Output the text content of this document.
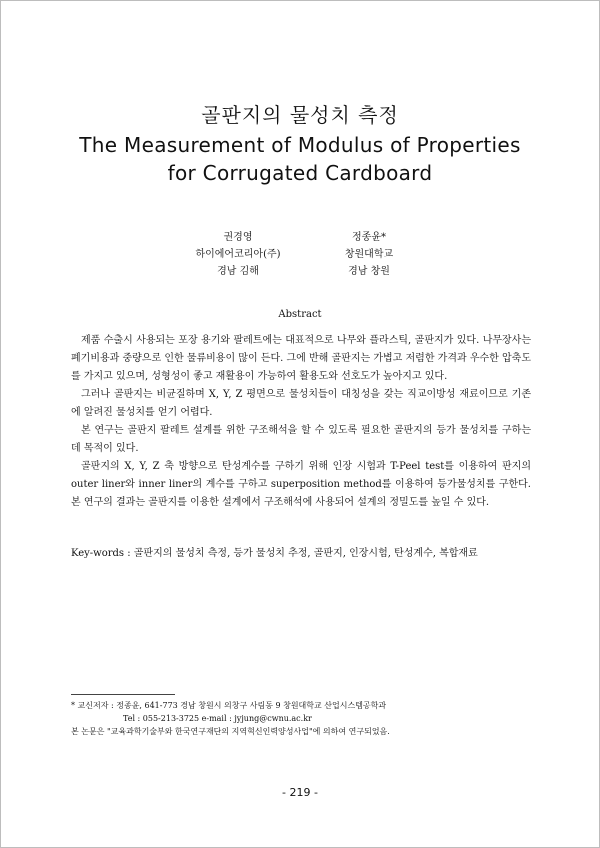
골판지의 물성치 측정
The Measurement of Modulus of Properties
for Corrugated Cardboard
권경영
하이에어코리아(주)
경남 김해
정종윤*
창원대학교
경남 창원
Abstract

제품 수출시 사용되는 포장 용기와 팔레트에는 대표적으로 나무와 플라스틱, 골판지가 있다. 나무장사는 폐기비용과 중량으로 인한 물류비용이 많이 든다. 그에 반해 골판지는 가볍고 저렴한 가격과 우수한 압축도를 가지고 있으며, 성형성이 좋고 재활용이 가능하여 활용도와 선호도가 높아지고 있다.

그러나 골판지는 비균질하며 X, Y, Z 평면으로 물성치들이 대칭성을 갖는 직교이방성 재료이므로 기존에 알려진 물성치를 얻기 어렵다.

본 연구는 골판지 팔레트 설계를 위한 구조해석을 할 수 있도록 필요한 골판지의 등가 물성치를 구하는데 목적이 있다.

골판지의 X, Y, Z 축 방향으로 탄성계수를 구하기 위해 인장 시험과 T-Peel test를 이용하여 판지의 outer liner와 inner liner의 계수를 구하고 superposition method를 이용하여 등가물성치를 구한다. 본 연구의 결과는 골판지를 이용한 설계에서 구조해석에 사용되어 설계의 정밀도를 높일 수 있다.

Key-words : 골판지의 물성치 측정, 등가 물성치 추정, 골판지, 인장시험, 탄성계수, 복합재료
* 교신저자 : 정종윤, 641-773 경남 창원시 의창구 사림동 9 창원대학교 산업시스템공학과
Tel : 055-213-3725 e-mail : jyjung@cwnu.ac.kr
본 논문은 "교육과학기술부와 한국연구재단의 지역혁신인력양성사업"에 의하여 연구되었음.
- 219 -
